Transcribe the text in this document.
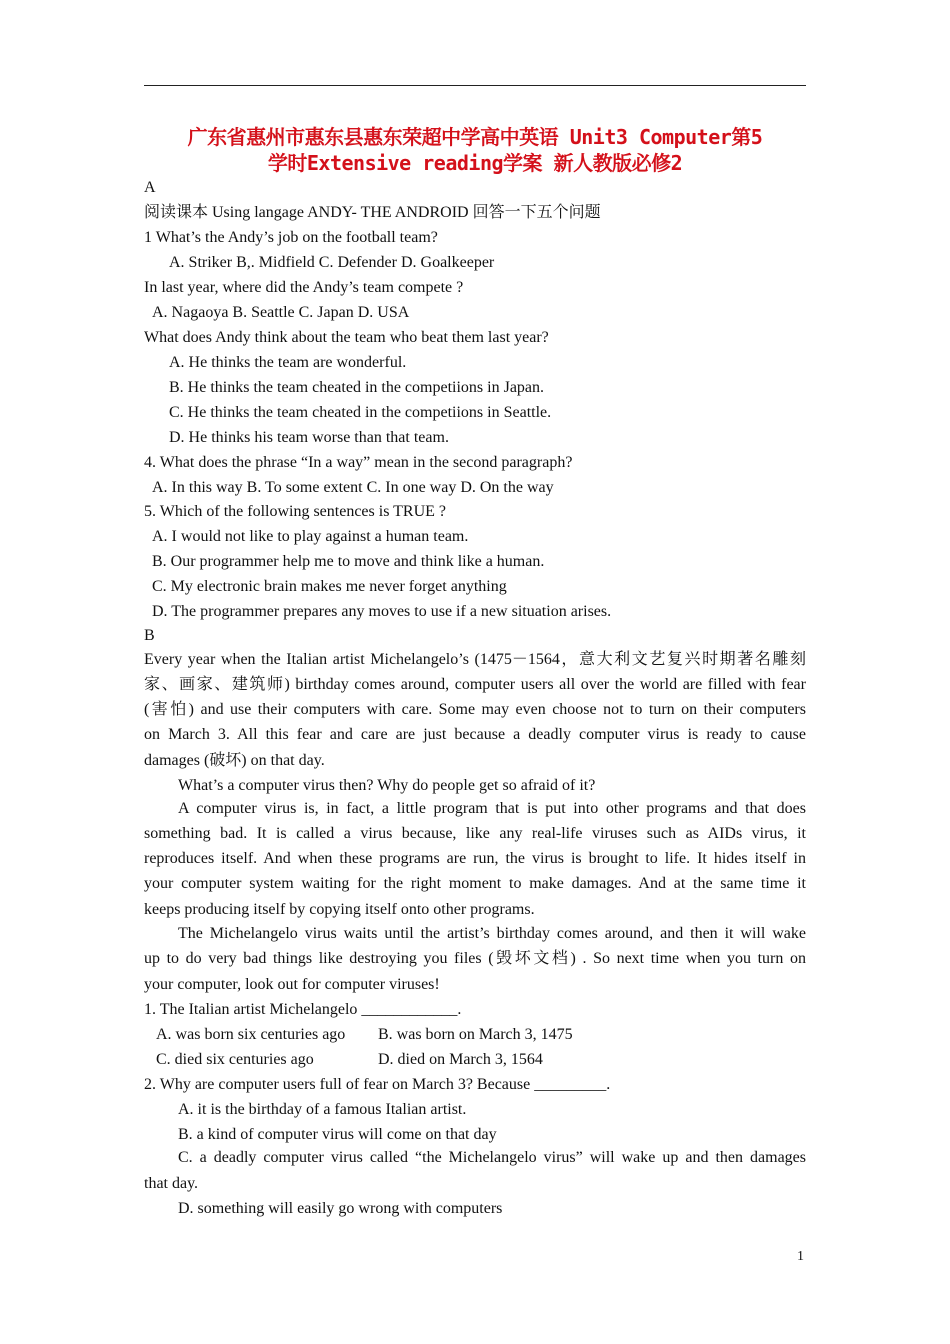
广东省惠州市惠东县惠东荣超中学高中英语 Unit3 Computer第5
学时Extensive reading学案 新人教版必修2
A
阅读课本 Using langage ANDY- THE ANDROID 回答一下五个问题
1 What’s the Andy’s job on the football team?
A. Striker B,. Midfield C. Defender D. Goalkeeper
In last year, where did the Andy’s team compete ?
A. Nagaoya B. Seattle C. Japan D. USA
What does Andy think about the team who beat them last year?
A. He thinks the team are wonderful.
B. He thinks the team cheated in the competiions in Japan.
C. He thinks the team cheated in the competiions in Seattle.
D. He thinks his team worse than that team.
4. What does the phrase “In a way” mean in the second paragraph?
A. In this way B. To some extent C. In one way D. On the way
5. Which of the following sentences is TRUE ?
A. I would not like to play against a human team.
B. Our programmer help me to move and think like a human.
C. My electronic brain makes me never forget anything
D. The programmer prepares any moves to use if a new situation arises.
B
Every year when the Italian artist Michelangelo’s (1475－1564，意大利文艺复兴时期著名雕刻
家、画家、建筑师) birthday comes around, computer users all over the world are filled with fear
(害怕) and use their computers with care. Some may even choose not to turn on their computers
on March 3. All this fear and care are just because a deadly computer virus is ready to cause
damages (破坏) on that day.
What’s a computer virus then? Why do people get so afraid of it?
A computer virus is, in fact, a little program that is put into other programs and that does
something bad. It is called a virus because, like any real-life viruses such as AIDs virus, it
reproduces itself. And when these programs are run, the virus is brought to life. It hides itself in
your computer system waiting for the right moment to make damages. And at the same time it
keeps producing itself by copying itself onto other programs.
The Michelangelo virus waits until the artist’s birthday comes around, and then it will wake
up to do very bad things like destroying you files (毁坏文档) . So next time when you turn on
your computer, look out for computer viruses!
1. The Italian artist Michelangelo ____________.
A. was born six centuries ago B. was born on March 3, 1475
C. died six centuries ago	D. died on March 3, 1564
2. Why are computer users full of fear on March 3? Because _________.
A. it is the birthday of a famous Italian artist.
B. a kind of computer virus will come on that day
C. a deadly computer virus called “the Michelangelo virus” will wake up and then damages
that day.
D. something will easily go wrong with computers
1
